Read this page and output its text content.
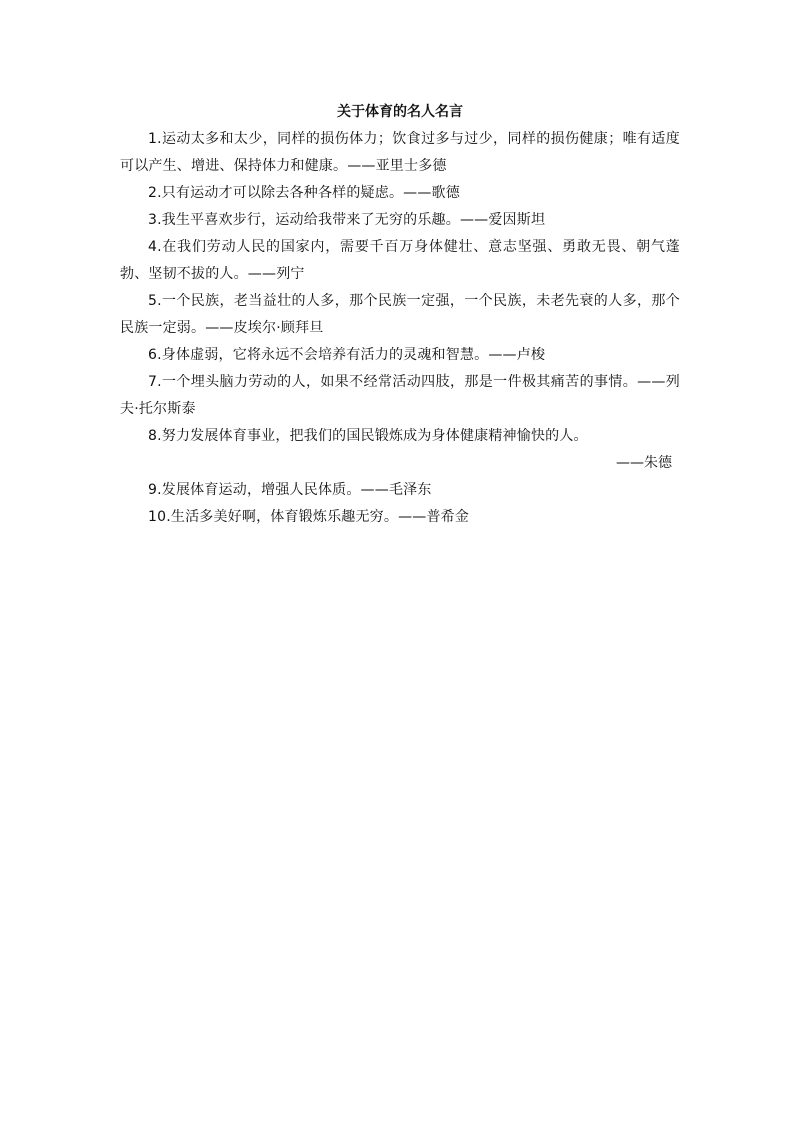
关于体育的名人名言

1.运动太多和太少，同样的损伤体力；饮食过多与过少，同样的损伤健康；唯有适度可以产生、增进、保持体力和健康。——亚里士多德

2.只有运动才可以除去各种各样的疑虑。——歌德

3.我生平喜欢步行，运动给我带来了无穷的乐趣。——爱因斯坦

4.在我们劳动人民的国家内，需要千百万身体健壮、意志坚强、勇敢无畏、朝气蓬勃、坚韧不拔的人。——列宁

5.一个民族，老当益壮的人多，那个民族一定强，一个民族，未老先衰的人多，那个民族一定弱。——皮埃尔·顾拜旦

6.身体虚弱，它将永远不会培养有活力的灵魂和智慧。——卢梭

7.一个埋头脑力劳动的人，如果不经常活动四肢，那是一件极其痛苦的事情。——列夫·托尔斯泰

8.努力发展体育事业，把我们的国民锻炼成为身体健康精神愉快的人。

——朱德

9.发展体育运动，增强人民体质。——毛泽东

10.生活多美好啊，体育锻炼乐趣无穷。——普希金
